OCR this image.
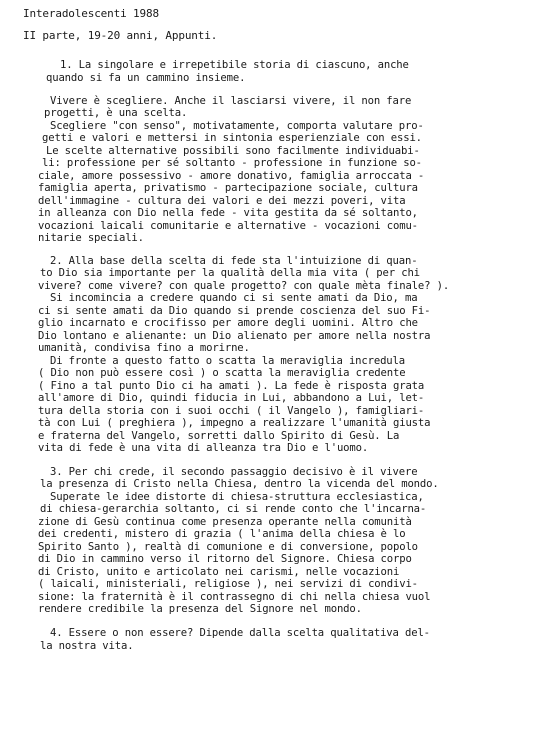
Interadolescenti 1988
II parte, 19-20 anni, Appunti.
1. La singolare e irrepetibile storia di ciascuno, anche
quando si fa un cammino insieme.
Vivere è scegliere. Anche il lasciarsi vivere, il non fare
progetti, è una scelta.
Scegliere "con senso", motivatamente, comporta valutare pro-
getti e valori e mettersi in sintonia esperienziale con essi.
Le scelte alternative possibili sono facilmente individuabi-
li: professione per sé soltanto - professione in funzione so-
ciale, amore possessivo - amore donativo, famiglia arroccata -
famiglia aperta, privatismo - partecipazione sociale, cultura
dell'immagine - cultura dei valori e dei mezzi poveri, vita
in alleanza con Dio nella fede - vita gestita da sé soltanto,
vocazioni laicali comunitarie e alternative - vocazioni comu-
nitarie speciali.
2. Alla base della scelta di fede sta l'intuizione di quan-
to Dio sia importante per la qualità della mia vita ( per chi
vivere? come vivere? con quale progetto? con quale mèta finale? ).
Si incomincia a credere quando ci si sente amati da Dio, ma
ci si sente amati da Dio quando si prende coscienza del suo Fi-
glio incarnato e crocifisso per amore degli uomini. Altro che
Dio lontano e alienante: un Dio alienato per amore nella nostra
umanità, condivisa fino a morirne.
Di fronte a questo fatto o scatta la meraviglia incredula
( Dio non può essere così ) o scatta la meraviglia credente
( Fino a tal punto Dio ci ha amati ). La fede è risposta grata
all'amore di Dio, quindi fiducia in Lui, abbandono a Lui, let-
tura della storia con i suoi occhi ( il Vangelo ), famigliari-
tà con Lui ( preghiera ), impegno a realizzare l'umanità giusta
e fraterna del Vangelo, sorretti dallo Spirito di Gesù. La
vita di fede è una vita di alleanza tra Dio e l'uomo.
3. Per chi crede, il secondo passaggio decisivo è il vivere
la presenza di Cristo nella Chiesa, dentro la vicenda del mondo.
Superate le idee distorte di chiesa-struttura ecclesiastica,
di chiesa-gerarchia soltanto, ci si rende conto che l'incarna-
zione di Gesù continua come presenza operante nella comunità
dei credenti, mistero di grazia ( l'anima della chiesa è lo
Spirito Santo ), realtà di comunione e di conversione, popolo
di Dio in cammino verso il ritorno del Signore. Chiesa corpo
di Cristo, unito e articolato nei carismi, nelle vocazioni
( laicali, ministeriali, religiose ), nei servizi di condivi-
sione: la fraternità è il contrassegno di chi nella chiesa vuol
rendere credibile la presenza del Signore nel mondo.
4. Essere o non essere? Dipende dalla scelta qualitativa del-
la nostra vita.
